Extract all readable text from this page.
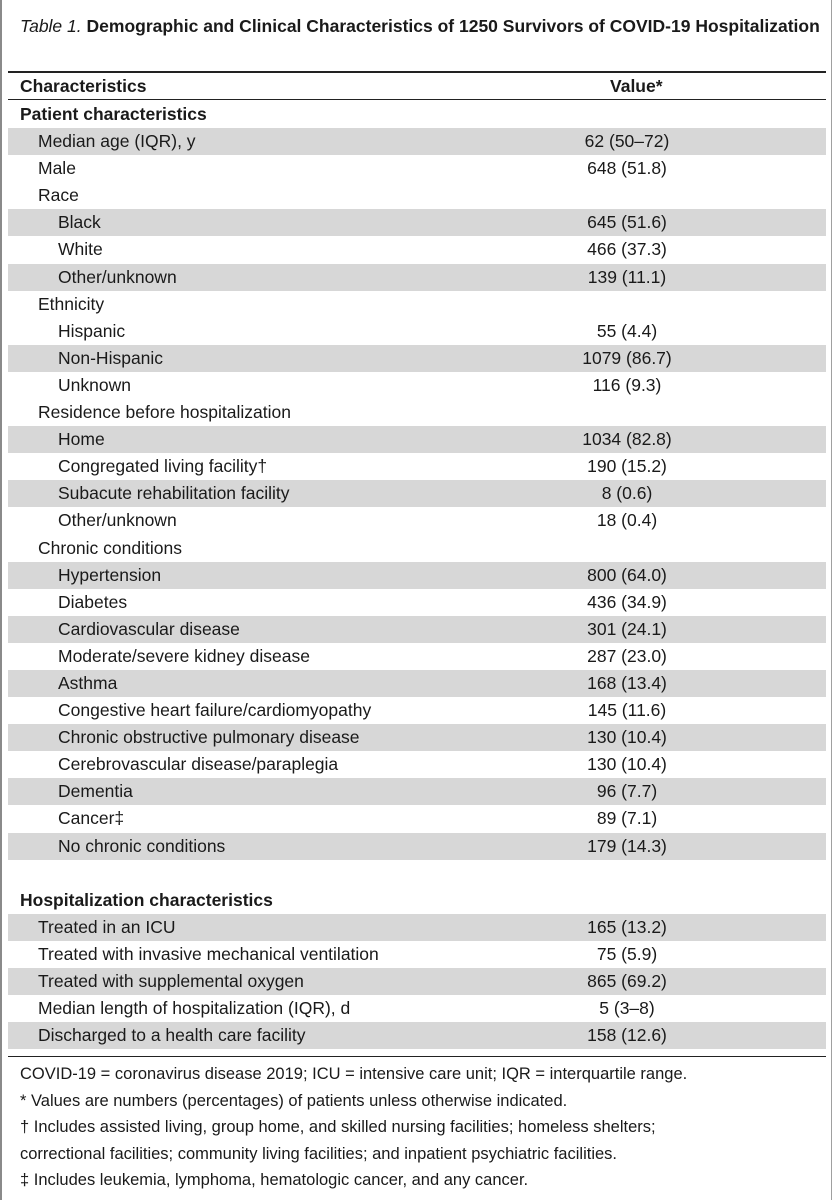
Table 1. Demographic and Clinical Characteristics of 1250 Survivors of COVID-19 Hospitalization
Characteristics	Value*
Patient characteristics
Median age (IQR), y	62 (50–72)
Male	648 (51.8)
Race
Black	645 (51.6)
White	466 (37.3)
Other/unknown	139 (11.1)
Ethnicity
Hispanic	55 (4.4)
Non-Hispanic	1079 (86.7)
Unknown	116 (9.3)
Residence before hospitalization
Home	1034 (82.8)
Congregated living facility†	190 (15.2)
Subacute rehabilitation facility	8 (0.6)
Other/unknown	18 (0.4)
Chronic conditions
Hypertension	800 (64.0)
Diabetes	436 (34.9)
Cardiovascular disease	301 (24.1)
Moderate/severe kidney disease	287 (23.0)
Asthma	168 (13.4)
Congestive heart failure/cardiomyopathy	145 (11.6)
Chronic obstructive pulmonary disease	130 (10.4)
Cerebrovascular disease/paraplegia	130 (10.4)
Dementia	96 (7.7)
Cancer‡	89 (7.1)
No chronic conditions	179 (14.3)
Hospitalization characteristics
Treated in an ICU	165 (13.2)
Treated with invasive mechanical ventilation	75 (5.9)
Treated with supplemental oxygen	865 (69.2)
Median length of hospitalization (IQR), d	5 (3–8)
Discharged to a health care facility	158 (12.6)
COVID-19 = coronavirus disease 2019; ICU = intensive care unit; IQR = interquartile range.
* Values are numbers (percentages) of patients unless otherwise indicated.
† Includes assisted living, group home, and skilled nursing facilities; homeless shelters;
correctional facilities; community living facilities; and inpatient psychiatric facilities.
‡ Includes leukemia, lymphoma, hematologic cancer, and any cancer.
